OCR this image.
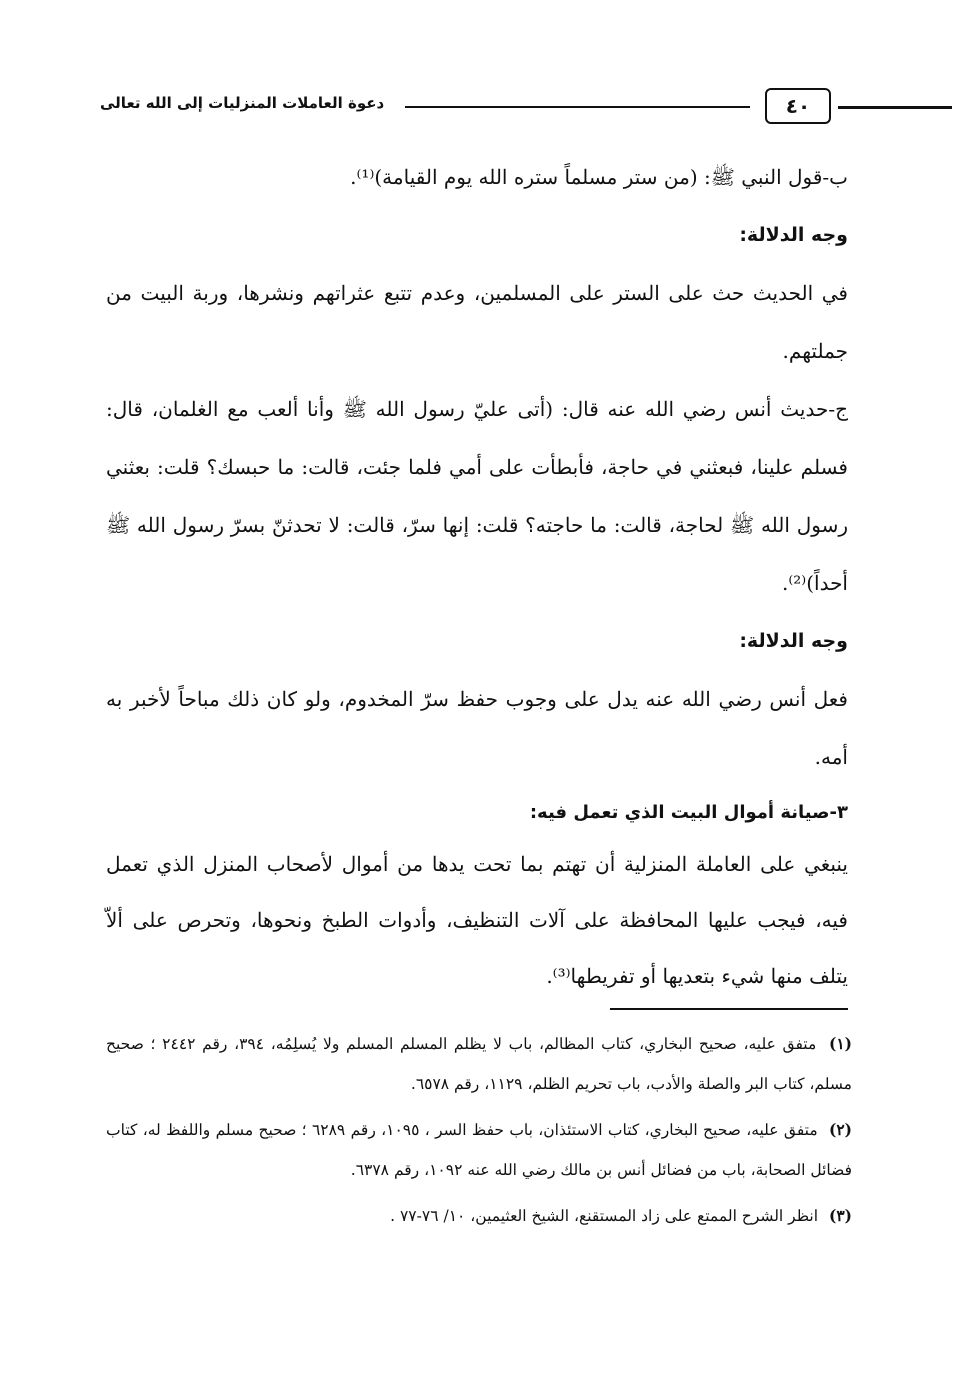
دعوة العاملات المنزليات إلى الله تعالى	٤٠

ب-قول النبي ﷺ: (من ستر مسلماً ستره الله يوم القيامة)⁽¹⁾.

وجه الدلالة:

في الحديث حث على الستر على المسلمين، وعدم تتبع عثراتهم ونشرها، وربة البيت من جملتهم.

ج-حديث أنس رضي الله عنه قال: (أتى عليّ رسول الله ﷺ وأنا ألعب مع الغلمان، قال: فسلم علينا، فبعثني في حاجة، فأبطأت على أمي فلما جئت، قالت: ما حبسك؟ قلت: بعثني رسول الله ﷺ لحاجة، قالت: ما حاجته؟ قلت: إنها سرّ، قالت: لا تحدثنّ بسرّ رسول الله ﷺ أحداً)⁽²⁾.

وجه الدلالة:

فعل أنس رضي الله عنه يدل على وجوب حفظ سرّ المخدوم، ولو كان ذلك مباحاً لأخبر به أمه.

٣-صيانة أموال البيت الذي تعمل فيه:

ينبغي على العاملة المنزلية أن تهتم بما تحت يدها من أموال لأصحاب المنزل الذي تعمل فيه، فيجب عليها المحافظة على آلات التنظيف، وأدوات الطبخ ونحوها، وتحرص على ألاّ يتلف منها شيء بتعديها أو تفريطها⁽³⁾.

(١) متفق عليه، صحيح البخاري، كتاب المظالم، باب لا يظلم المسلم المسلم ولا يُسلِمُه، ٣٩٤، رقم ٢٤٤٢ ؛ صحيح مسلم، كتاب البر والصلة والأدب، باب تحريم الظلم، ١١٢٩، رقم ٦٥٧٨.

(٢) متفق عليه، صحيح البخاري، كتاب الاستئذان، باب حفظ السر ، ١٠٩٥، رقم ٦٢٨٩ ؛ صحيح مسلم واللفظ له، كتاب فضائل الصحابة، باب من فضائل أنس بن مالك رضي الله عنه ١٠٩٢، رقم ٦٣٧٨.

(٣) انظر الشرح الممتع على زاد المستقنع، الشيخ العثيمين، ١٠/ ٧٦-٧٧ .
